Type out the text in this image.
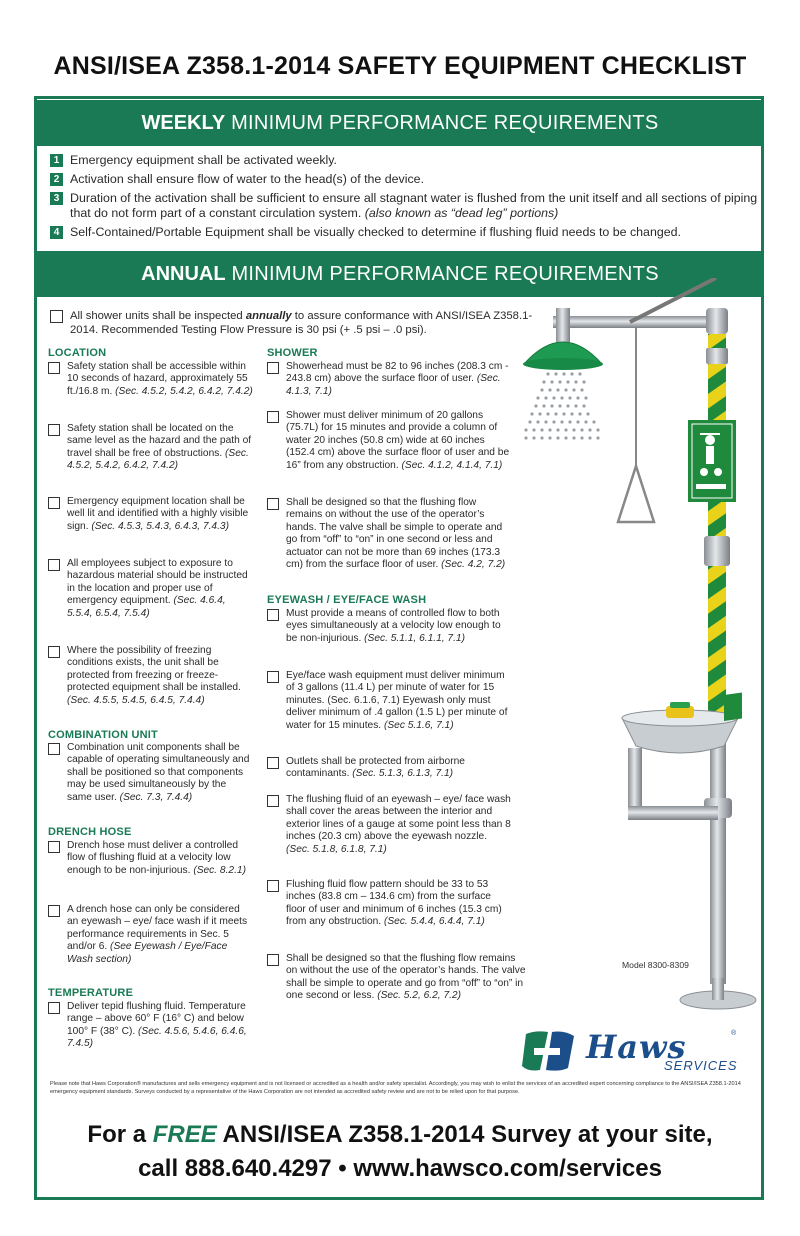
ANSI/ISEA Z358.1-2014 SAFETY EQUIPMENT CHECKLIST
WEEKLY MINIMUM PERFORMANCE REQUIREMENTS
1 Emergency equipment shall be activated weekly.
2 Activation shall ensure flow of water to the head(s) of the device.
3 Duration of the activation shall be sufficient to ensure all stagnant water is flushed from the unit itself and all sections of piping that do not form part of a constant circulation system. (also known as “dead leg” portions)
4 Self-Contained/Portable Equipment shall be visually checked to determine if flushing fluid needs to be changed.
ANNUAL MINIMUM PERFORMANCE REQUIREMENTS
All shower units shall be inspected annually to assure conformance with ANSI/ISEA Z358.1-2014. Recommended Testing Flow Pressure is 30 psi (+ .5 psi – .0 psi).
LOCATION
Safety station shall be accessible within 10 seconds of hazard, approximately 55 ft./16.8 m. (Sec. 4.5.2, 5.4.2, 6.4.2, 7.4.2)
Safety station shall be located on the same level as the hazard and the path of travel shall be free of obstructions. (Sec. 4.5.2, 5.4.2, 6.4.2, 7.4.2)
Emergency equipment location shall be well lit and identified with a highly visible sign. (Sec. 4.5.3, 5.4.3, 6.4.3, 7.4.3)
All employees subject to exposure to hazardous material should be instructed in the location and proper use of emergency equipment. (Sec. 4.6.4, 5.5.4, 6.5.4, 7.5.4)
Where the possibility of freezing conditions exists, the unit shall be protected from freezing or freeze-protected equipment shall be installed. (Sec. 4.5.5, 5.4.5, 6.4.5, 7.4.4)
COMBINATION UNIT
Combination unit components shall be capable of operating simultaneously and shall be positioned so that components may be used simultaneously by the same user. (Sec. 7.3, 7.4.4)
DRENCH HOSE
Drench hose must deliver a controlled flow of flushing fluid at a velocity low enough to be non-injurious. (Sec. 8.2.1)
A drench hose can only be considered an eyewash – eye/ face wash if it meets performance requirements in Sec. 5 and/or 6. (See Eyewash / Eye/Face Wash section)
TEMPERATURE
Deliver tepid flushing fluid. Temperature range – above 60° F (16° C) and below 100° F (38° C). (Sec. 4.5.6, 5.4.6, 6.4.6, 7.4.5)
SHOWER
Showerhead must be 82 to 96 inches (208.3 cm - 243.8 cm) above the surface floor of user. (Sec. 4.1.3, 7.1)
Shower must deliver minimum of 20 gallons (75.7L) for 15 minutes and provide a column of water 20 inches (50.8 cm) wide at 60 inches (152.4 cm) above the surface floor of user and be 16” from any obstruction. (Sec. 4.1.2, 4.1.4, 7.1)
Shall be designed so that the flushing flow remains on without the use of the operator’s hands. The valve shall be simple to operate and go from “off” to “on” in one second or less and actuator can not be more than 69 inches (173.3 cm) from the surface floor of user. (Sec. 4.2, 7.2)
EYEWASH / EYE/FACE WASH
Must provide a means of controlled flow to both eyes simultaneously at a velocity low enough to be non-injurious. (Sec. 5.1.1, 6.1.1, 7.1)
Eye/face wash equipment must deliver minimum of 3 gallons (11.4 L) per minute of water for 15 minutes. (Sec. 6.1.6, 7.1) Eyewash only must deliver minimum of .4 gallon (1.5 L) per minute of water for 15 minutes. (Sec 5.1.6, 7.1)
Outlets shall be protected from airborne contaminants. (Sec. 5.1.3, 6.1.3, 7.1)
The flushing fluid of an eyewash – eye/ face wash shall cover the areas between the interior and exterior lines of a gauge at some point less than 8 inches (20.3 cm) above the eyewash nozzle. (Sec. 5.1.8, 6.1.8, 7.1)
Flushing fluid flow pattern should be 33 to 53 inches (83.8 cm – 134.6 cm) from the surface floor of user and minimum of 6 inches (15.3 cm) from any obstruction. (Sec. 5.4.4, 6.4.4, 7.1)
Shall be designed so that the flushing flow remains on without the use of the operator’s hands. The valve shall be simple to operate and go from “off” to “on” in one second or less. (Sec. 5.2, 6.2, 7.2)
Model 8300-8309
Haws	®
SERVICES
Please note that Haws Corporation® manufactures and sells emergency equipment and is not licensed or accredited as a health and/or safety specialist. Accordingly, you may wish to enlist the services of an accredited expert concerning compliance to the ANSI/ISEA Z358.1-2014 emergency equipment standards. Surveys conducted by a representative of the Haws Corporation are not intended as accredited safety review and are not to be relied upon for that purpose.
For a FREE ANSI/ISEA Z358.1-2014 Survey at your site,
call 888.640.4297 • www.hawsco.com/services
